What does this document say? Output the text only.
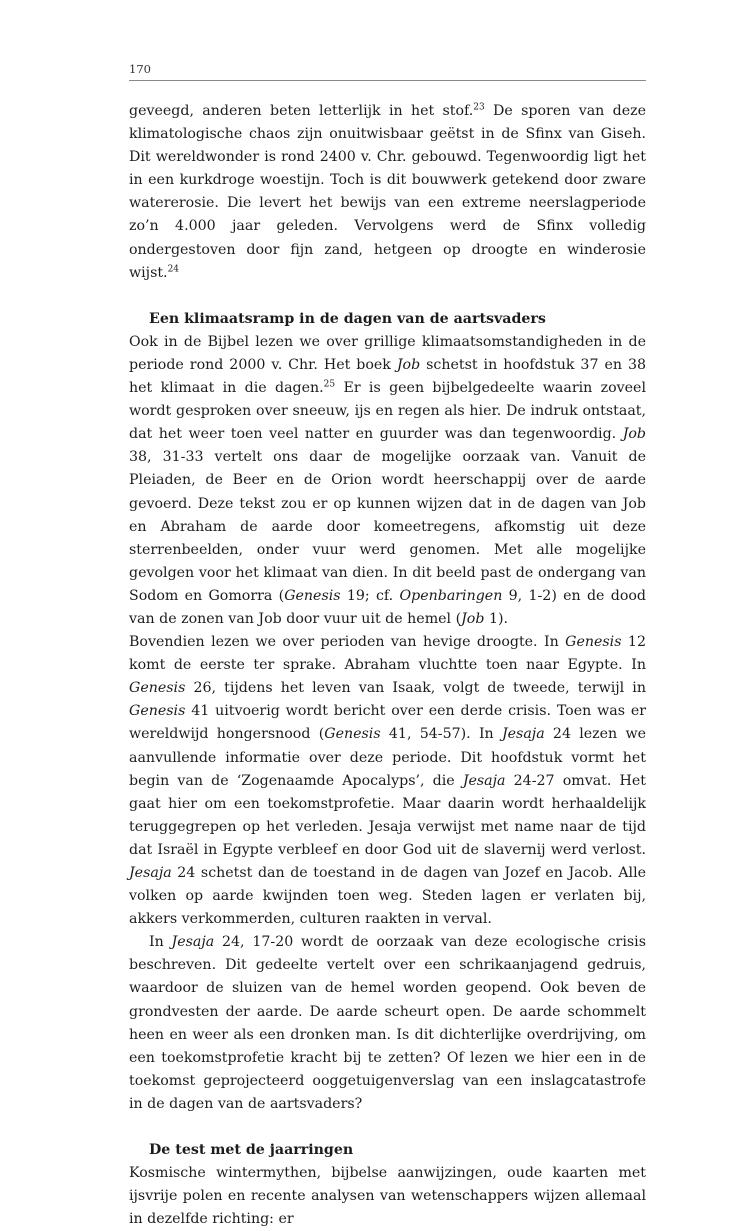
170

geveegd, anderen beten letterlijk in het stof.$^{23}$ De sporen van deze klimatologische chaos zijn onuitwisbaar geëtst in de Sfinx van Giseh. Dit wereldwonder is rond 2400 v. Chr. gebouwd. Tegenwoordig ligt het in een kurkdroge woestijn. Toch is dit bouwwerk getekend door zware watererosie. Die levert het bewijs van een extreme neerslagperiode zo’n 4.000 jaar geleden. Vervolgens werd de Sfinx volledig ondergestoven door fijn zand, hetgeen op droogte en winderosie wijst.$^{24}$

Een klimaatsramp in de dagen van de aartsvaders

Ook in de Bijbel lezen we over grillige klimaatsomstandigheden in de periode rond 2000 v. Chr. Het boek Job schetst in hoofdstuk 37 en 38 het klimaat in die dagen.$^{25}$ Er is geen bijbelgedeelte waarin zoveel wordt gesproken over sneeuw, ijs en regen als hier. De indruk ontstaat, dat het weer toen veel natter en guurder was dan tegenwoordig. Job 38, 31-33 vertelt ons daar de mogelijke oorzaak van. Vanuit de Pleiaden, de Beer en de Orion wordt heerschappij over de aarde gevoerd. Deze tekst zou er op kunnen wijzen dat in de dagen van Job en Abraham de aarde door komeetregens, afkomstig uit deze sterrenbeelden, onder vuur werd genomen. Met alle mogelijke gevolgen voor het klimaat van dien. In dit beeld past de ondergang van Sodom en Gomorra (Genesis 19; cf. Openbaringen 9, 1-2) en de dood van de zonen van Job door vuur uit de hemel (Job 1).

Bovendien lezen we over perioden van hevige droogte. In Genesis 12 komt de eerste ter sprake. Abraham vluchtte toen naar Egypte. In Genesis 26, tijdens het leven van Isaak, volgt de tweede, terwijl in Genesis 41 uitvoerig wordt bericht over een derde crisis. Toen was er wereldwijd hongersnood (Genesis 41, 54-57). In Jesaja 24 lezen we aanvullende informatie over deze periode. Dit hoofdstuk vormt het begin van de ‘Zogenaamde Apocalyps’, die Jesaja 24-27 omvat. Het gaat hier om een toekomstprofetie. Maar daarin wordt herhaaldelijk teruggegrepen op het verleden. Jesaja verwijst met name naar de tijd dat Israël in Egypte verbleef en door God uit de slavernij werd verlost. Jesaja 24 schetst dan de toestand in de dagen van Jozef en Jacob. Alle volken op aarde kwijnden toen weg. Steden lagen er verlaten bij, akkers verkommerden, culturen raakten in verval.

In Jesaja 24, 17-20 wordt de oorzaak van deze ecologische crisis beschreven. Dit gedeelte vertelt over een schrikaanjagend gedruis, waardoor de sluizen van de hemel worden geopend. Ook beven de grondvesten der aarde. De aarde scheurt open. De aarde schommelt heen en weer als een dronken man. Is dit dichterlijke overdrijving, om een toekomstprofetie kracht bij te zetten? Of lezen we hier een in de toekomst geprojecteerd ooggetuigenverslag van een inslagcatastrofe in de dagen van de aartsvaders?

De test met de jaarringen

Kosmische wintermythen, bijbelse aanwijzingen, oude kaarten met ijsvrije polen en recente analysen van wetenschappers wijzen allemaal in dezelfde richting: er
